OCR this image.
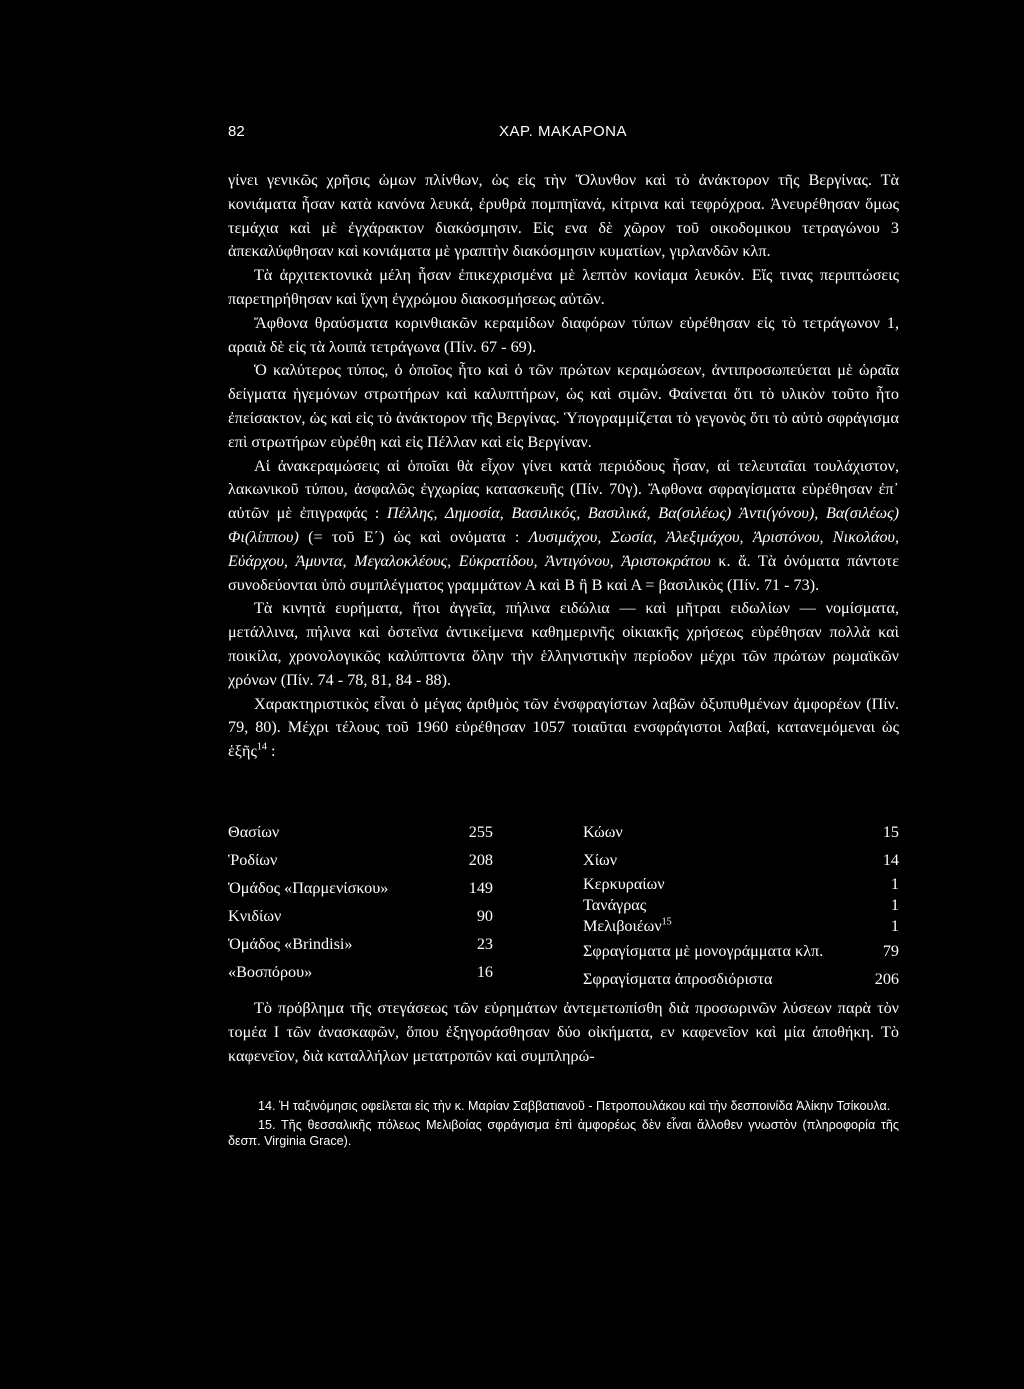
82	ΧΑΡ. ΜΑΚΑΡΟΝΑ

γίνει γενικῶς χρῆσις ὠμων πλίνθων, ὡς εἰς τὴν Ὄλυνθον καὶ τὸ ἀνάκτορον τῆς Βεργίνας. Τὰ κονιάματα ἦσαν κατὰ κανόνα λευκά, ἐρυθρὰ πομπηϊανά, κίτρινα καὶ τεφρόχροα. Ἀνευρέθησαν ὅμως τεμάχια καὶ μὲ ἐγχάρακτον διακόσμησιν. Εἰς ενα δὲ χῶρον τοῦ οικοδομικου τετραγώνου 3 ἀπεκαλύφθησαν καὶ κονιάματα μὲ γραπτὴν διακόσμησιν κυματίων, γιρλανδῶν κλπ.

Τὰ ἀρχιτεκτονικὰ μέλη ἦσαν ἐπικεχρισμένα μὲ λεπτὸν κονίαμα λευκόν. Εἴς τινας περιπτώσεις παρετηρήθησαν καὶ ἴχνη ἐγχρώμου διακοσμήσεως αὐτῶν.

Ἄφθονα θραύσματα κορινθιακῶν κεραμίδων διαφόρων τύπων εὑρέθησαν εἰς τὸ τετράγωνον 1, αραιὰ δὲ εἰς τὰ λοιπὰ τετράγωνα (Πίν. 67 - 69).

Ὁ καλύτερος τύπος, ὁ ὁποῖος ἦτο καὶ ὁ τῶν πρώτων κεραμώσεων, ἀντιπροσωπεύεται μὲ ὡραῖα δείγματα ἡγεμόνων στρωτήρων καὶ καλυπτήρων, ὡς καὶ σιμῶν. Φαίνεται ὅτι τὸ υλικὸν τοῦτο ἦτο ἐπείσακτον, ὡς καὶ εἰς τὸ ἀνάκτορον τῆς Βεργίνας. Ὑπογραμμίζεται τὸ γεγονὸς ὅτι τὸ αὐτὸ σφράγισμα επὶ στρωτήρων εὑρέθη καὶ εἰς Πέλλαν καὶ εἰς Βεργίναν.

Αἱ ἀνακεραμώσεις αἱ ὁποῖαι θὰ εἶχον γίνει κατὰ περιόδους ἦσαν, αἱ τελευταῖαι τουλάχιστον, λακωνικοῦ τύπου, ἀσφαλῶς ἐγχωρίας κατασκευῆς (Πίν. 70γ). Ἄφθονα σφραγίσματα εὑρέθησαν ἐπ᾿ αὐτῶν μὲ ἐπιγραφάς : Πέλλης, Δημοσία, Βασιλικός, Βασιλικά, Βα(σιλέως) Ἀντι(γόνου), Βα(σιλέως) Φι(λίππου) (= τοῦ Ε΄) ὡς καὶ ονόματα : Λυσιμάχου, Σωσία, Ἀλεξιμάχου, Ἀριστόνου, Νικολάου, Εὐάρχου, Ἀμυντα, Μεγαλοκλέους, Εὐκρατίδου, Ἀντιγόνου, Ἀριστοκράτου κ. ἄ. Τὰ ὀνόματα πάντοτε συνοδεύονται ὑπὸ συμπλέγματος γραμμάτων Α καὶ Β ἢ Β καὶ Α = βασιλικὸς (Πίν. 71 - 73).

Τὰ κινητὰ ευρήματα, ἤτοι ἀγγεῖα, πήλινα ειδώλια — καὶ μῆτραι ειδωλίων — νομίσματα, μετάλλινα, πήλινα καὶ ὀστεϊνα ἀντικείμενα καθημερινῆς οἰκιακῆς χρήσεως εὑρέθησαν πολλὰ καὶ ποικίλα, χρονολογικῶς καλύπτοντα ὅλην τὴν ἑλληνιστικὴν περίοδον μέχρι τῶν πρώτων ρωμαϊκῶν χρόνων (Πίν. 74 - 78, 81, 84 - 88).

Χαρακτηριστικὸς εἶναι ὁ μέγας ἀριθμὸς τῶν ἐνσφραγίστων λαβῶν ὀξυπυθμένων ἀμφορέων (Πίν. 79, 80). Μέχρι τέλους τοῦ 1960 εὑρέθησαν 1057 τοιαῦται ενσφράγιστοι λαβαί, κατανεμόμεναι ὡς ἑξῆς$^{14}$ :

Θασίων	255
Ῥοδίων	208
Ὁμάδος «Παρμενίσκου»	149
Κνιδίων	90
Ὁμάδος «Brindisi»	23
«Βοσπόρου»	16
Κώων	15
Χίων	14
Κερκυραίων	1
Τανάγρας	1
Μελιβοιέων$^{15}$	1
Σφραγίσματα μὲ μονογράμματα κλπ.	79
Σφραγίσματα ἀπροσδιόριστα	206

Τὸ πρόβλημα τῆς στεγάσεως τῶν εὑρημάτων ἀντεμετωπίσθη διὰ προσωρινῶν λύσεων παρὰ τὸν τομέα Ι τῶν ἀνασκαφῶν, ὅπου ἐξηγοράσθησαν δύο οἰκήματα, εν καφενεῖον καὶ μία ἀποθήκη. Τὸ καφενεῖον, διὰ καταλλήλων μετατροπῶν καὶ συμπληρώ-

14. Ἡ ταξινόμησις οφείλεται εἰς τὴν κ. Μαρίαν Σαββατιανοῦ - Πετροπουλάκου καὶ τὴν δεσποινίδα Ἀλίκην Τσίκουλα.

15. Τῆς θεσσαλικῆς πόλεως Μελιβοίας σφράγισμα ἐπὶ ἀμφορέως δὲν εἶναι ἄλλοθεν γνωστὸν (πληροφορία τῆς δεσπ. Virginia Grace).
